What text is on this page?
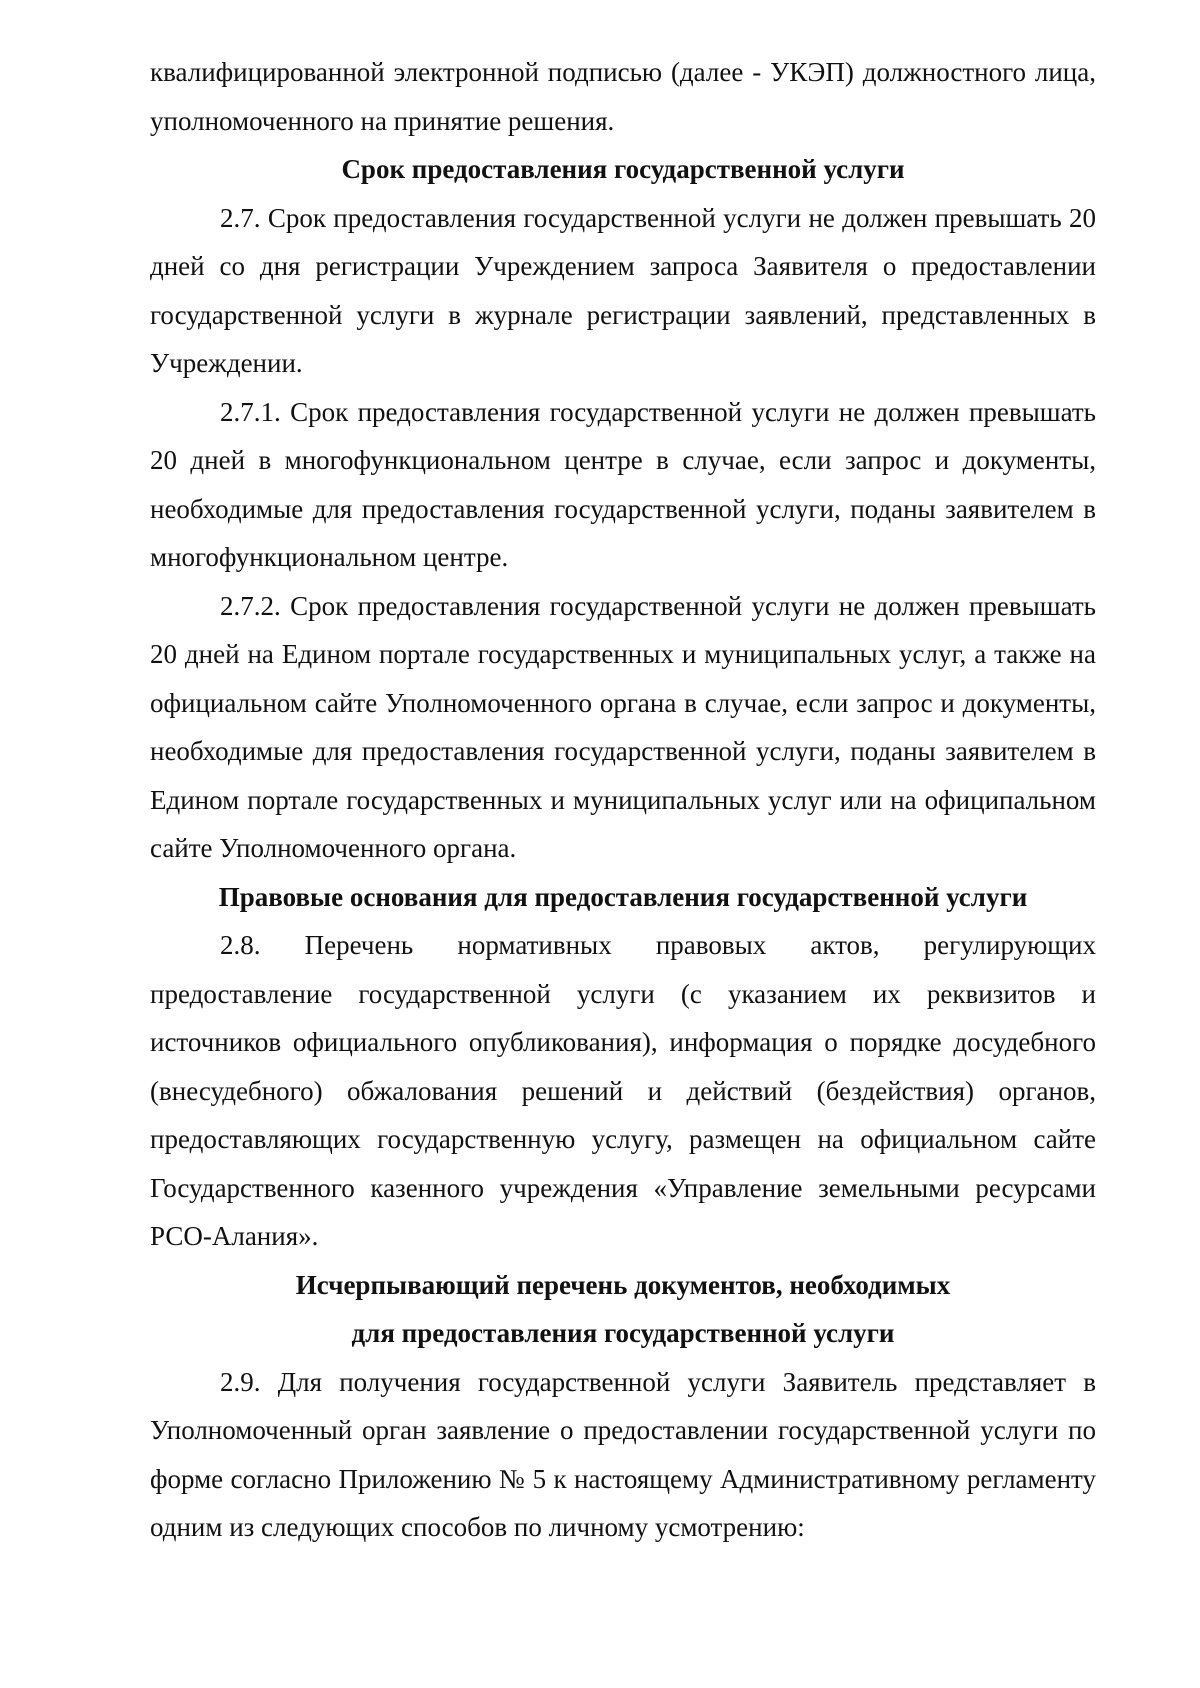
квалифицированной электронной подписью (далее - УКЭП) должностного лица, уполномоченного на принятие решения.

Срок предоставления государственной услуги

2.7. Срок предоставления государственной услуги не должен превышать 20 дней со дня регистрации Учреждением запроса Заявителя о предоставлении государственной услуги в журнале регистрации заявлений, представленных в Учреждении.

2.7.1. Срок предоставления государственной услуги не должен превышать 20 дней в многофункциональном центре в случае, если запрос и документы, необходимые для предоставления государственной услуги, поданы заявителем в многофункциональном центре.

2.7.2. Срок предоставления государственной услуги не должен превышать 20 дней на Едином портале государственных и муниципальных услуг, а также на официальном сайте Уполномоченного органа в случае, если запрос и документы, необходимые для предоставления государственной услуги, поданы заявителем в Едином портале государственных и муниципальных услуг или на официпальном сайте Уполномоченного органа.

Правовые основания для предоставления государственной услуги

2.8. Перечень нормативных правовых актов, регулирующих предоставление государственной услуги (с указанием их реквизитов и источников официального опубликования), информация о порядке досудебного (внесудебного) обжалования решений и действий (бездействия) органов, предоставляющих государственную услугу, размещен на официальном сайте Государственного казенного учреждения «Управление земельными ресурсами РСО-Алания».

Исчерпывающий перечень документов, необходимых
для предоставления государственной услуги

2.9. Для получения государственной услуги Заявитель представляет в Уполномоченный орган заявление о предоставлении государственной услуги по форме согласно Приложению № 5 к настоящему Административному регламенту одним из следующих способов по личному усмотрению:
